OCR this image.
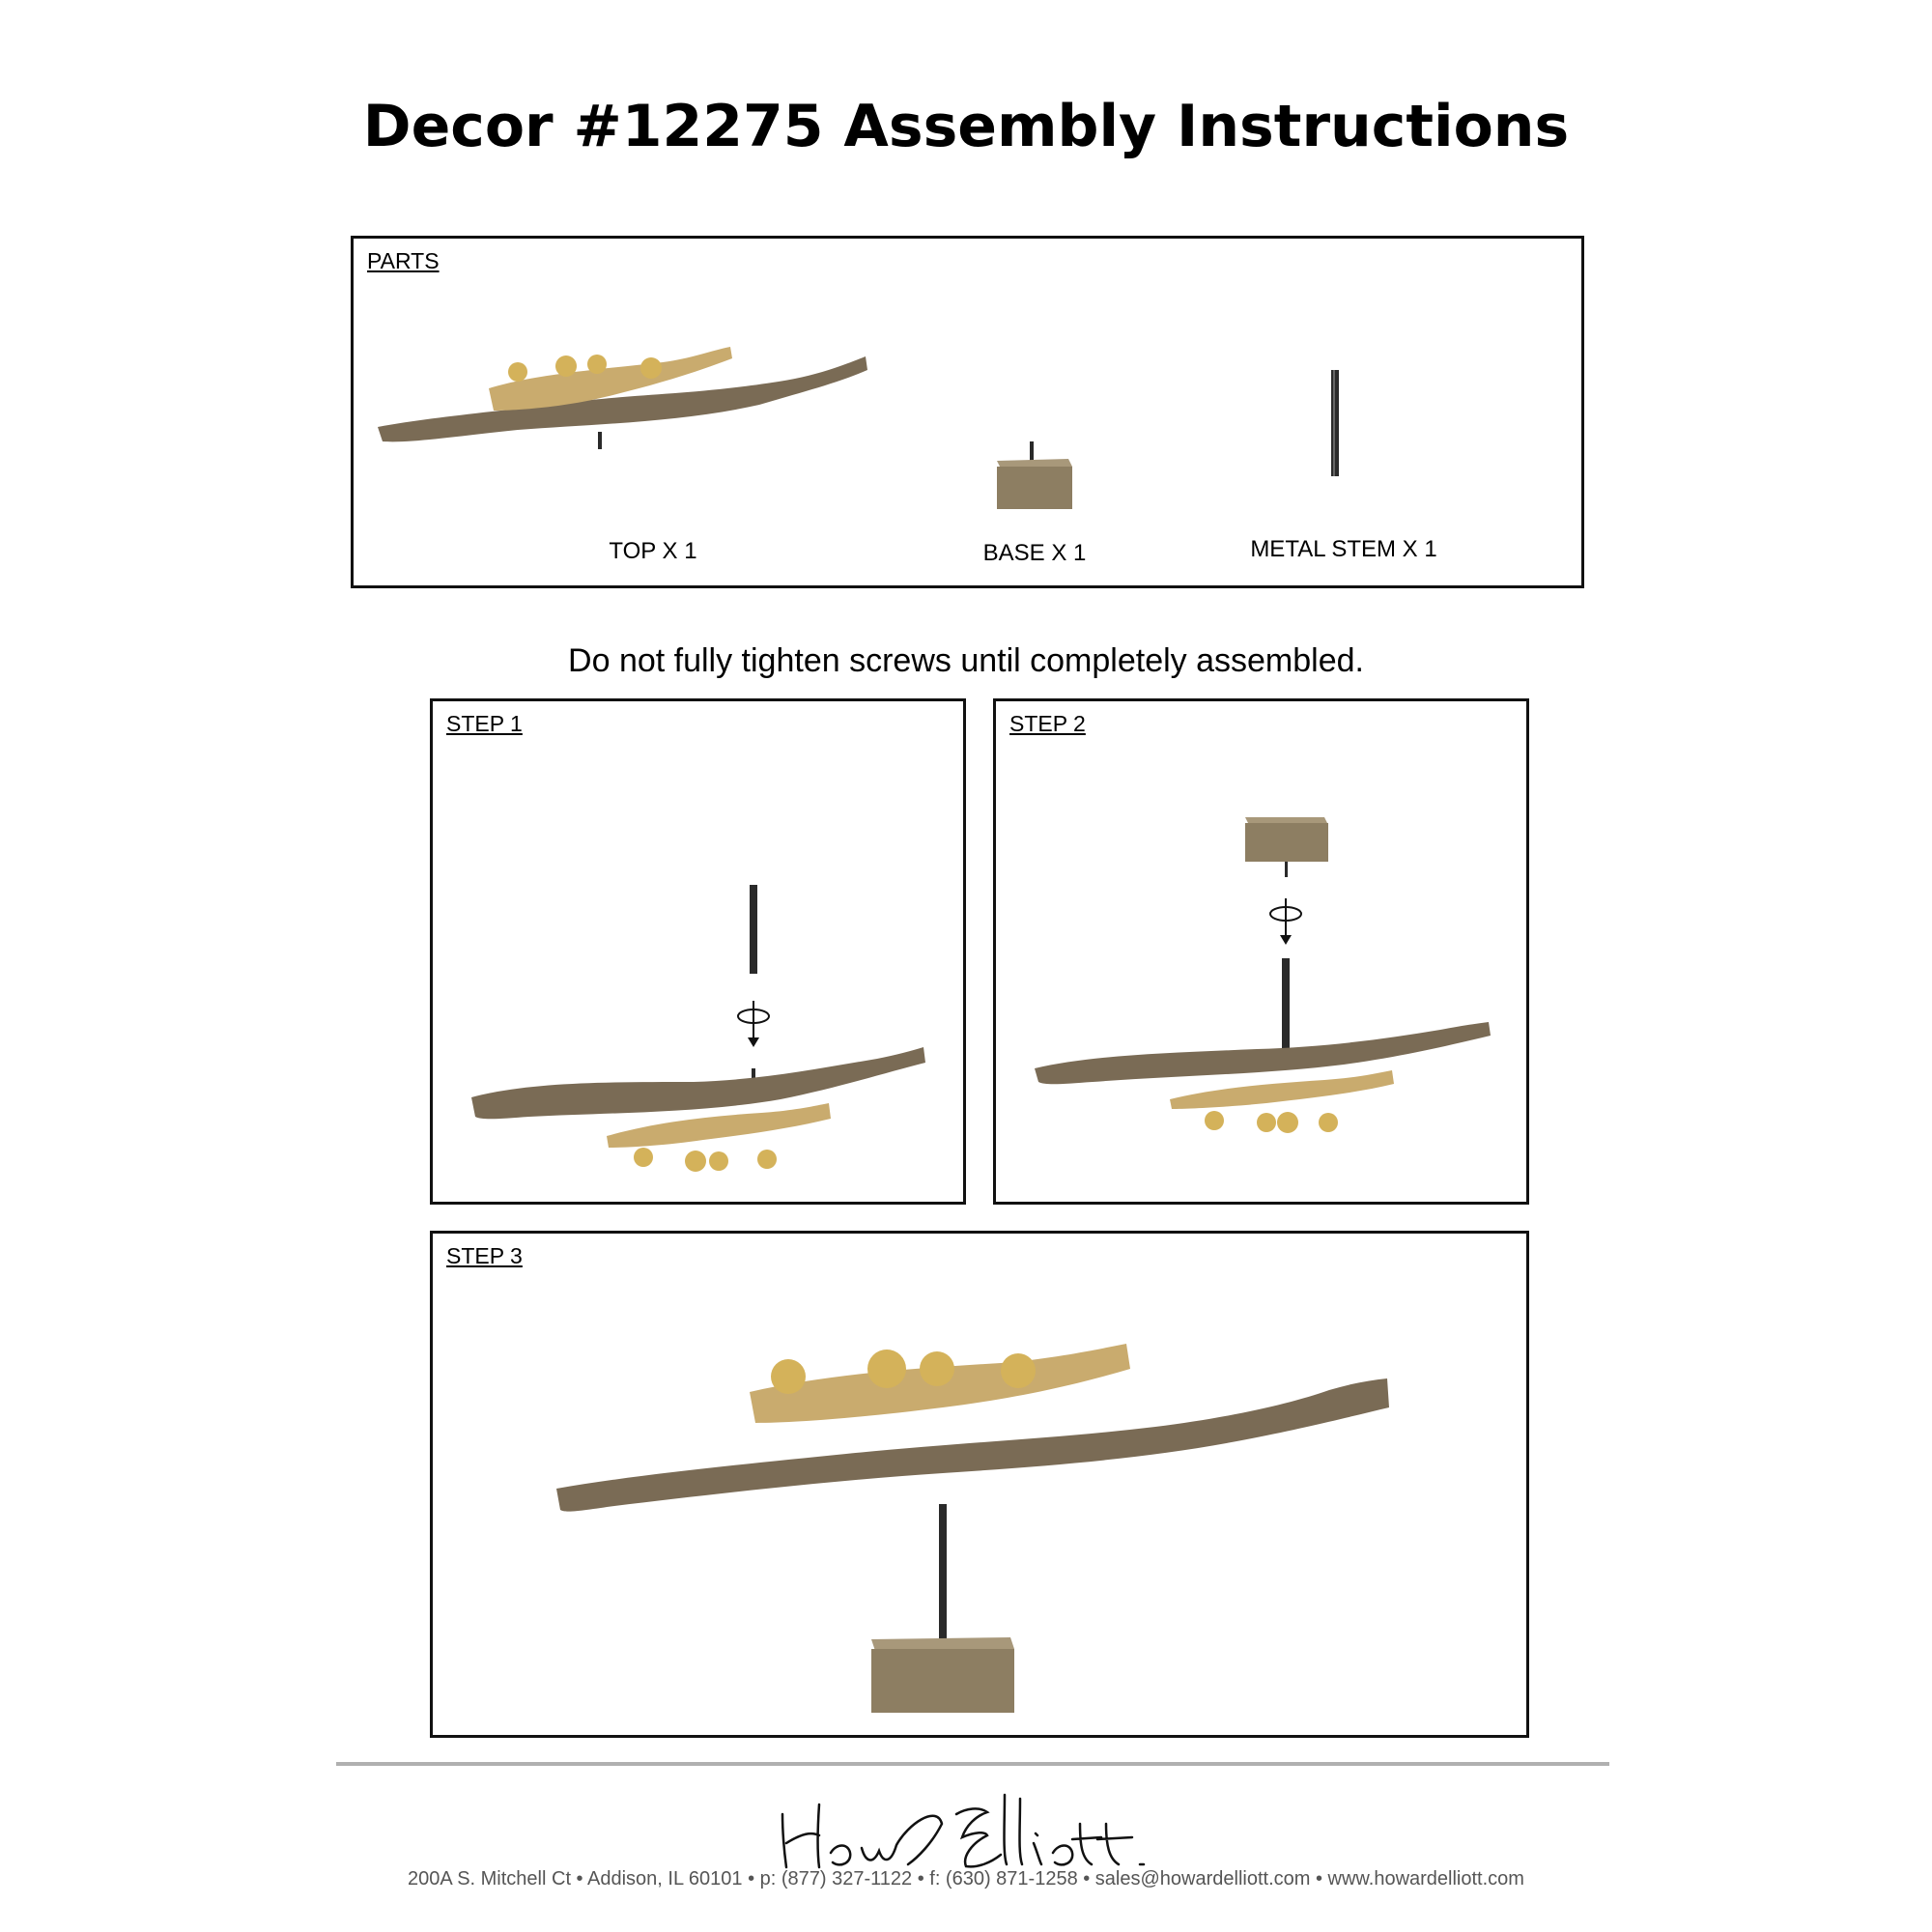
Decor #12275 Assembly Instructions
PARTS
TOP X 1	BASE X 1	METAL STEM X 1
Do not fully tighten screws until completely assembled.
STEP 1	STEP 2
STEP 3
200A S. Mitchell Ct • Addison, IL 60101 • p: (877) 327-1122 • f: (630) 871-1258 • sales@howardelliott.com • www.howardelliott.com
